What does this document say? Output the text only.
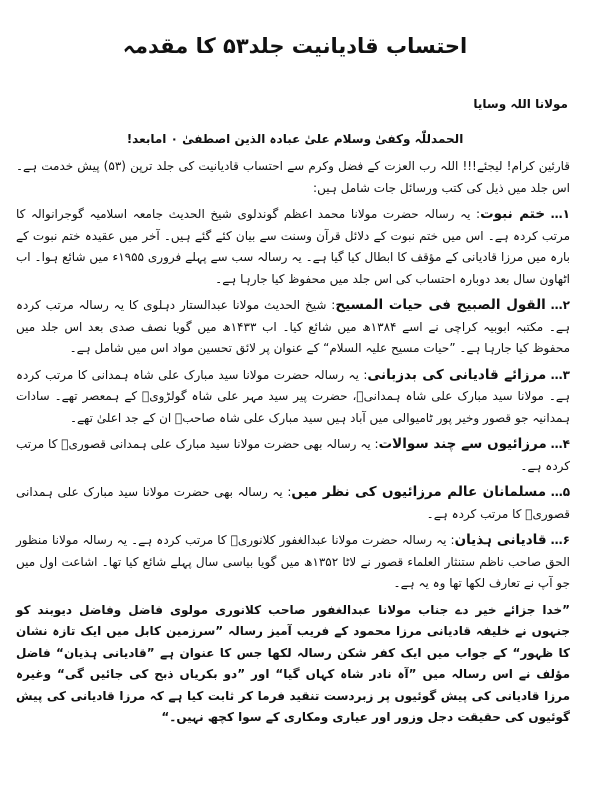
احتساب قادیانیت جلد۵۳ کا مقدمہ
مولانا اللہ وسایا
الحمدللّٰہ وکفیٰ وسلام علیٰ عبادہ الذین اصطفیٰ ۰ امابعد!

قارئین کرام! لیجئے!!! اللہ رب العزت کے فضل وکرم سے احتساب قادیانیت کی جلد ترپن (۵۳) پیش خدمت ہے۔ اس جلد میں ذیل کی کتب ورسائل جات شامل ہیں:

۱… ختم نبوت: یہ رسالہ حضرت مولانا محمد اعظم گوندلوی شیخ الحدیث جامعہ اسلامیہ گوجرانوالہ کا مرتب کردہ ہے۔ اس میں ختم نبوت کے دلائل قرآن وسنت سے بیان کئے گئے ہیں۔ آخر میں عقیدہ ختم نبوت کے بارہ میں مرزا قادیانی کے مؤقف کا ابطال کیا گیا ہے۔ یہ رسالہ سب سے پہلے فروری ۱۹۵۵ء میں شائع ہوا۔ اب اٹھاون سال بعد دوبارہ احتساب کی اس جلد میں محفوظ کیا جارہا ہے۔

۲… القول الصبیح فی حیات المسیح: شیخ الحدیث مولانا عبدالستار دہلوی کا یہ رسالہ مرتب کردہ ہے۔ مکتبہ ابوبیہ کراچی نے اسے ۱۳۸۴ھ میں شائع کیا۔ اب ۱۴۳۳ھ میں گویا نصف صدی بعد اس جلد میں محفوظ کیا جارہا ہے۔ ”حیات مسیح علیہ السلام“ کے عنوان پر لائق تحسین مواد اس میں شامل ہے۔

۳… مرزائے قادیانی کی بدزبانی: یہ رسالہ حضرت مولانا سید مبارک علی شاہ ہمدانی کا مرتب کردہ ہے۔ مولانا سید مبارک علی شاہ ہمدانیؒ، حضرت پیر سید مہر علی شاہ گولڑویؒ کے ہمعصر تھے۔ سادات ہمدانیہ جو قصور وخیر پور ٹامیوالی میں آباد ہیں سید مبارک علی شاہ صاحبؒ ان کے جد اعلیٰ تھے۔

۴… مرزائیوں سے چند سوالات: یہ رسالہ بھی حضرت مولانا سید مبارک علی ہمدانی قصوریؒ کا مرتب کردہ ہے۔

۵… مسلمانان عالم مرزائیوں کی نظر میں: یہ رسالہ بھی حضرت مولانا سید مبارک علی ہمدانی قصوریؒ کا مرتب کردہ ہے۔

۶… قادیانی ہذیان: یہ رسالہ حضرت مولانا عبدالغفور کلانوریؒ کا مرتب کردہ ہے۔ یہ رسالہ مولانا منظور الحق صاحب ناظم ستنثار العلماء قصور نے لاٹا ۱۳۵۲ھ میں گویا بیاسی سال پہلے شائع کیا تھا۔ اشاعت اول میں جو آپ نے تعارف لکھا تھا وہ یہ ہے۔

”خدا جزائے خیر دے جناب مولانا عبدالغفور صاحب کلانوری مولوی فاضل وفاضل دیوبند کو جنہوں نے خلیفہ قادیانی مرزا محمود کے فریب آمیز رسالہ ”سرزمین کابل میں ایک تازہ نشان کا ظہور“ کے جواب میں ایک کفر شکن رسالہ لکھا جس کا عنوان ہے ”قادیانی ہذیان“ فاضل مؤلف نے اس رسالہ میں ”آہ نادر شاہ کہاں گیا“ اور ”دو بکریاں ذبح کی جائیں گی“ وغیرہ مرزا قادیانی کی پیش گوئیوں پر زبردست تنقید فرما کر ثابت کیا ہے کہ مرزا قادیانی کی پیش گوئیوں کی حقیقت دجل وزور اور عیاری ومکاری کے سوا کچھ نہیں۔“
